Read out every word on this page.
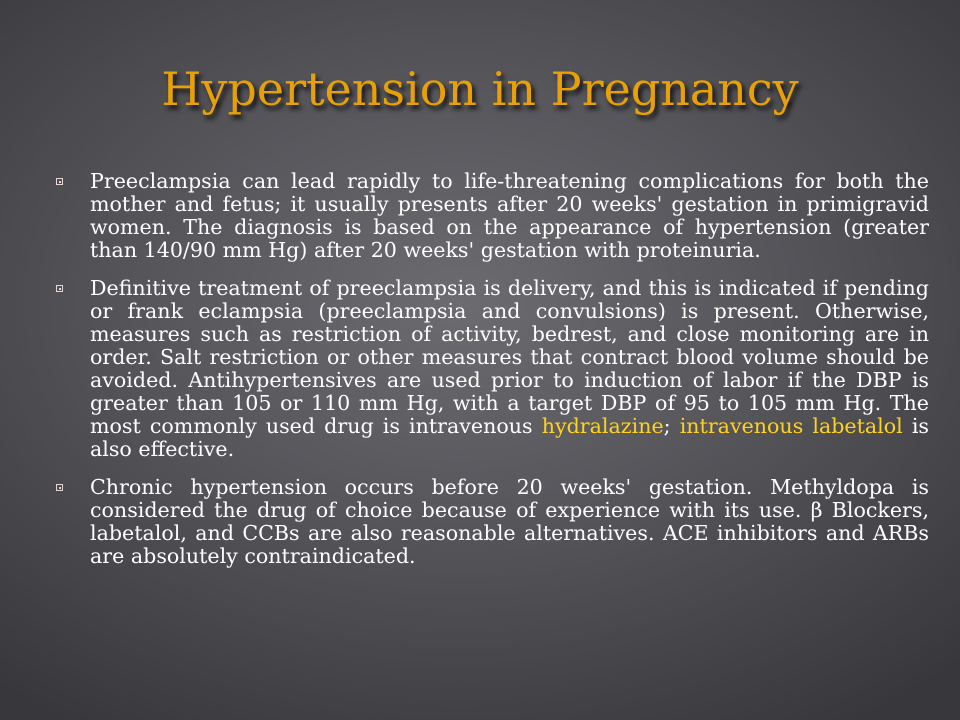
Hypertension in Pregnancy
Preeclampsia can lead rapidly to life-threatening complications for both the mother and fetus; it usually presents after 20 weeks' gestation in primigravid women. The diagnosis is based on the appearance of hypertension (greater than 140/90 mm Hg) after 20 weeks' gestation with proteinuria.
Definitive treatment of preeclampsia is delivery, and this is indicated if pending or frank eclampsia (preeclampsia and convulsions) is present. Otherwise, measures such as restriction of activity, bedrest, and close monitoring are in order. Salt restriction or other measures that contract blood volume should be avoided. Antihypertensives are used prior to induction of labor if the DBP is greater than 105 or 110 mm Hg, with a target DBP of 95 to 105 mm Hg. The most commonly used drug is intravenous hydralazine; intravenous labetalol is also effective.
Chronic hypertension occurs before 20 weeks' gestation. Methyldopa is considered the drug of choice because of experience with its use. β Blockers, labetalol, and CCBs are also reasonable alternatives. ACE inhibitors and ARBs are absolutely contraindicated.
